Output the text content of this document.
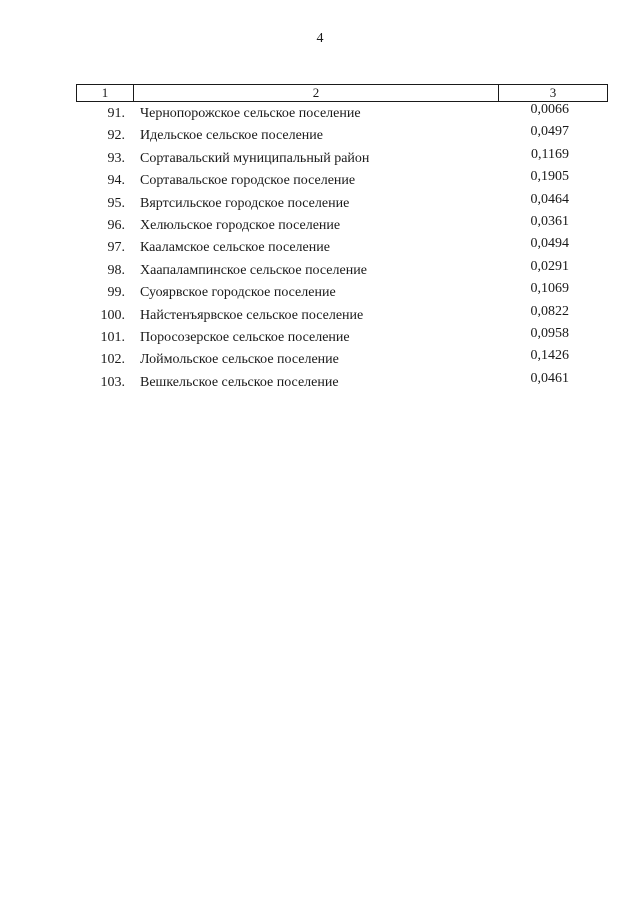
4
1	2	3
91.	Чернопорожское сельское поселение	0,0066
92.	Идельское сельское поселение	0,0497
93.	Сортавальский муниципальный район	0,1169
94.	Сортавальское городское поселение	0,1905
95.	Вяртсильское городское поселение	0,0464
96.	Хелюльское городское поселение	0,0361
97.	Кааламское сельское поселение	0,0494
98.	Хаапалампинское сельское поселение	0,0291
99.	Суоярвское городское поселение	0,1069
100.	Найстенъярвское сельское поселение	0,0822
101.	Поросозерское сельское поселение	0,0958
102.	Лоймольское сельское поселение	0,1426
103.	Вешкельское сельское поселение	0,0461
